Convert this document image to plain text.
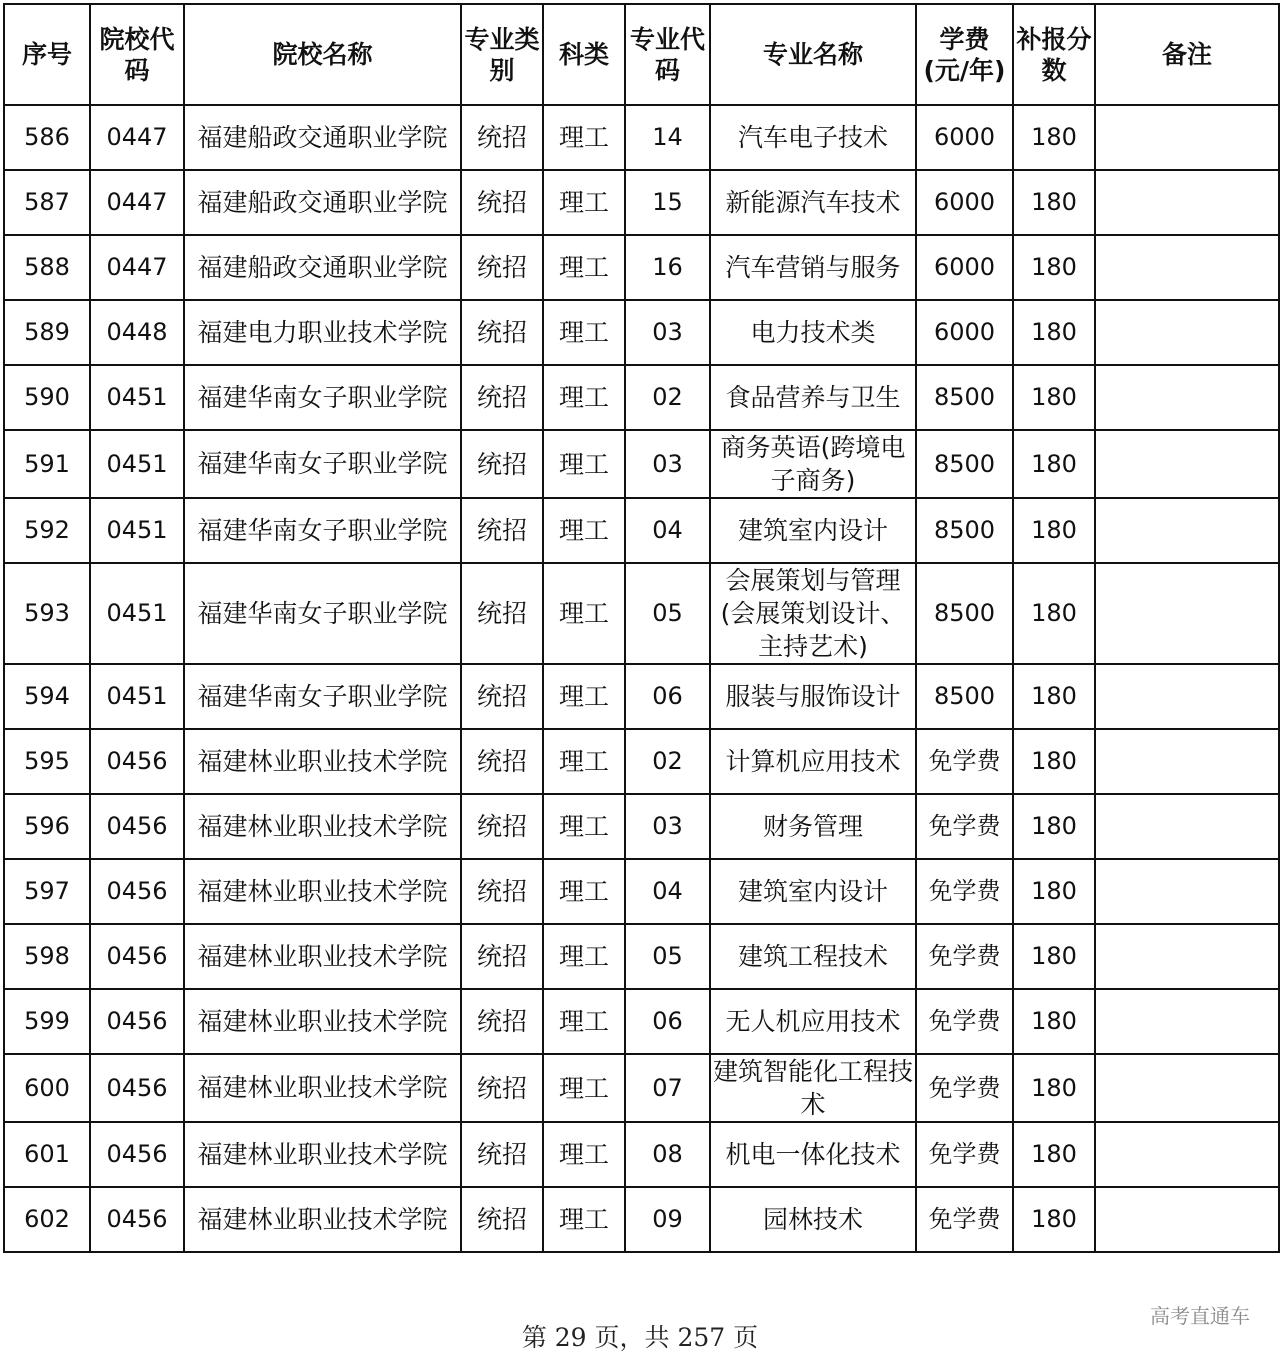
序号	院校代码	院校名称	专业类别	科类	专业代码	专业名称	学费(元/年)	补报分数	备注
586	0447	福建船政交通职业学院	统招	理工	14	汽车电子技术	6000	180	
587	0447	福建船政交通职业学院	统招	理工	15	新能源汽车技术	6000	180	
588	0447	福建船政交通职业学院	统招	理工	16	汽车营销与服务	6000	180	
589	0448	福建电力职业技术学院	统招	理工	03	电力技术类	6000	180	
590	0451	福建华南女子职业学院	统招	理工	02	食品营养与卫生	8500	180	
591	0451	福建华南女子职业学院	统招	理工	03	商务英语(跨境电子商务)	8500	180	
592	0451	福建华南女子职业学院	统招	理工	04	建筑室内设计	8500	180	
593	0451	福建华南女子职业学院	统招	理工	05	会展策划与管理(会展策划设计、主持艺术)	8500	180	
594	0451	福建华南女子职业学院	统招	理工	06	服装与服饰设计	8500	180	
595	0456	福建林业职业技术学院	统招	理工	02	计算机应用技术	免学费	180	
596	0456	福建林业职业技术学院	统招	理工	03	财务管理	免学费	180	
597	0456	福建林业职业技术学院	统招	理工	04	建筑室内设计	免学费	180	
598	0456	福建林业职业技术学院	统招	理工	05	建筑工程技术	免学费	180	
599	0456	福建林业职业技术学院	统招	理工	06	无人机应用技术	免学费	180	
600	0456	福建林业职业技术学院	统招	理工	07	建筑智能化工程技术	免学费	180	
601	0456	福建林业职业技术学院	统招	理工	08	机电一体化技术	免学费	180	
602	0456	福建林业职业技术学院	统招	理工	09	园林技术	免学费	180	
第 29 页，共 257 页
高考直通车
